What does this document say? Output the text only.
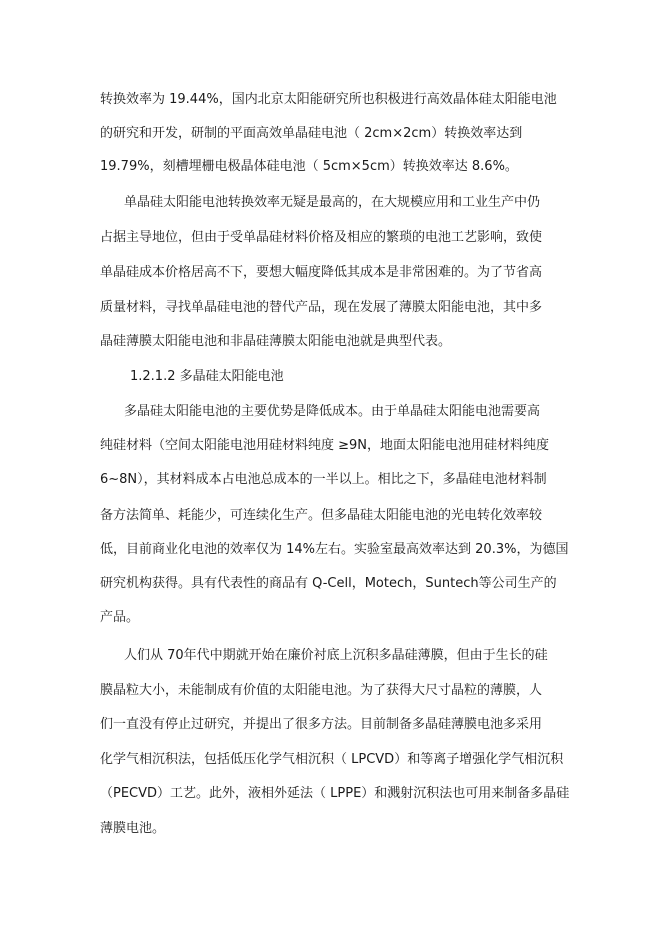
转换效率为 19.44%，国内北京太阳能研究所也积极进行高效晶体硅太阳能电池
的研究和开发，研制的平面高效单晶硅电池（ 2cm×2cm）转换效率达到
19.79%，刻槽埋栅电极晶体硅电池（ 5cm×5cm）转换效率达 8.6%。
单晶硅太阳能电池转换效率无疑是最高的，在大规模应用和工业生产中仍
占据主导地位，但由于受单晶硅材料价格及相应的繁琐的电池工艺影响，致使
单晶硅成本价格居高不下，要想大幅度降低其成本是非常困难的。为了节省高
质量材料，寻找单晶硅电池的替代产品，现在发展了薄膜太阳能电池，其中多
晶硅薄膜太阳能电池和非晶硅薄膜太阳能电池就是典型代表。
1.2.1.2 多晶硅太阳能电池
多晶硅太阳能电池的主要优势是降低成本。由于单晶硅太阳能电池需要高
纯硅材料（空间太阳能电池用硅材料纯度 ≥9N，地面太阳能电池用硅材料纯度
6~8N），其材料成本占电池总成本的一半以上。相比之下，多晶硅电池材料制
备方法简单、耗能少，可连续化生产。但多晶硅太阳能电池的光电转化效率较
低，目前商业化电池的效率仅为 14%左右。实验室最高效率达到 20.3%，为德国
研究机构获得。具有代表性的商品有 Q-Cell，Motech，Suntech等公司生产的
产品。
人们从 70年代中期就开始在廉价衬底上沉积多晶硅薄膜，但由于生长的硅
膜晶粒大小，未能制成有价值的太阳能电池。为了获得大尺寸晶粒的薄膜，人
们一直没有停止过研究，并提出了很多方法。目前制备多晶硅薄膜电池多采用
化学气相沉积法，包括低压化学气相沉积（ LPCVD）和等离子增强化学气相沉积
（PECVD）工艺。此外，液相外延法（ LPPE）和溅射沉积法也可用来制备多晶硅
薄膜电池。
